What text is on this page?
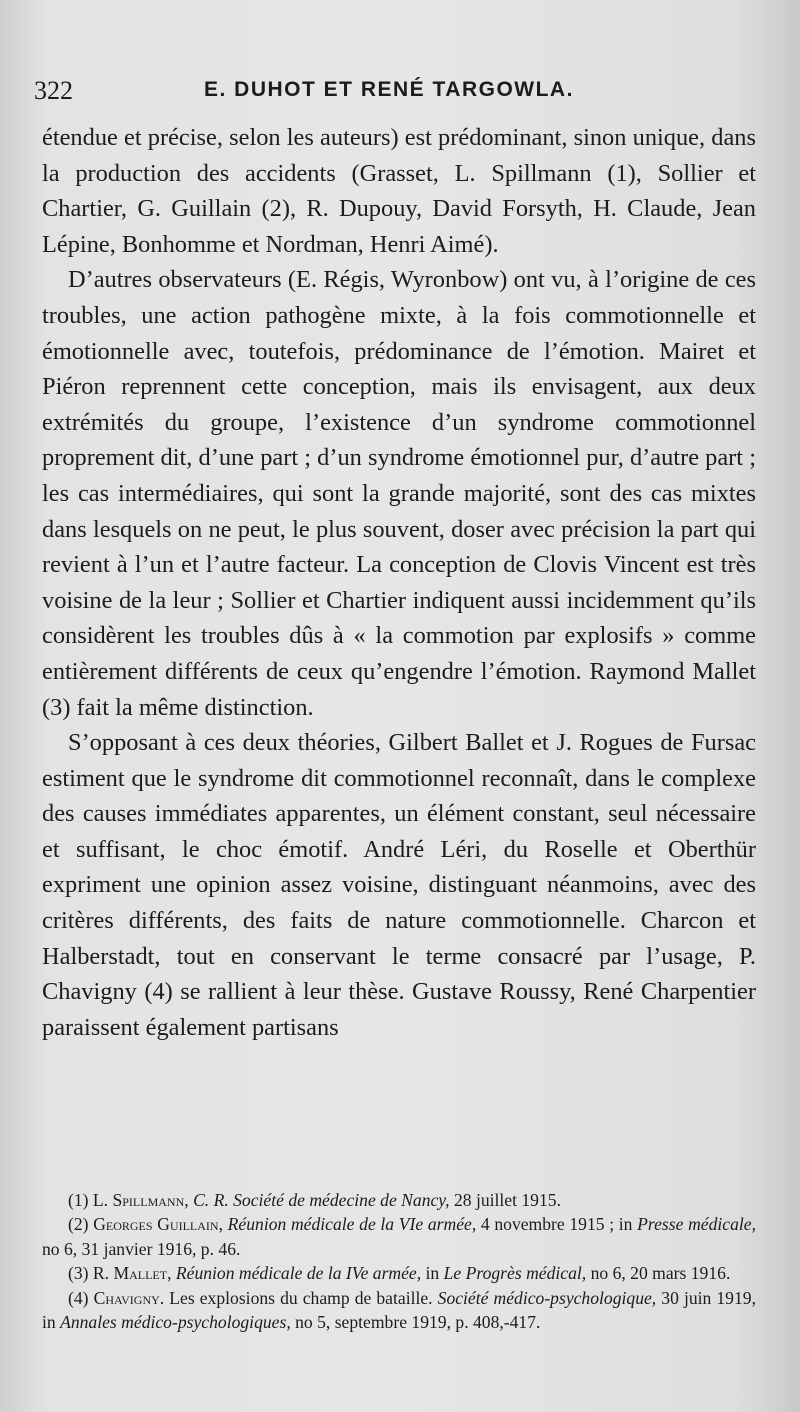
322	E. DUHOT ET RENÉ TARGOWLA.

étendue et précise, selon les auteurs) est prédominant, sinon unique, dans la production des accidents (Grasset, L. Spillmann (1), Sollier et Chartier, G. Guillain (2), R. Dupouy, David Forsyth, H. Claude, Jean Lépine, Bonhomme et Nordman, Henri Aimé).

D’autres observateurs (E. Régis, Wyronbow) ont vu, à l’origine de ces troubles, une action pathogène mixte, à la fois commotionnelle et émotionnelle avec, toutefois, prédominance de l’émotion. Mairet et Piéron reprennent cette conception, mais ils envisagent, aux deux extrémités du groupe, l’existence d’un syndrome commotionnel proprement dit, d’une part ; d’un syndrome émotionnel pur, d’autre part ; les cas intermédiaires, qui sont la grande majorité, sont des cas mixtes dans lesquels on ne peut, le plus souvent, doser avec précision la part qui revient à l’un et l’autre facteur. La conception de Clovis Vincent est très voisine de la leur ; Sollier et Chartier indiquent aussi incidemment qu’ils considèrent les troubles dûs à « la commotion par explosifs » comme entièrement différents de ceux qu’engendre l’émotion. Raymond Mallet (3) fait la même distinction.

S’opposant à ces deux théories, Gilbert Ballet et J. Rogues de Fursac estiment que le syndrome dit commotionnel reconnaît, dans le complexe des causes immédiates apparentes, un élément constant, seul nécessaire et suffisant, le choc émotif. André Léri, du Roselle et Oberthür expriment une opinion assez voisine, distinguant néanmoins, avec des critères différents, des faits de nature commotionnelle. Charcon et Halberstadt, tout en conservant le terme consacré par l’usage, P. Chavigny (4) se rallient à leur thèse. Gustave Roussy, René Charpentier paraissent également partisans

(1) L. Spillmann, C. R. Société de médecine de Nancy, 28 juillet 1915.

(2) Georges Guillain, Réunion médicale de la VIe armée, 4 novembre 1915 ; in Presse médicale, no 6, 31 janvier 1916, p. 46.

(3) R. Mallet, Réunion médicale de la IVe armée, in Le Progrès médical, no 6, 20 mars 1916.

(4) Chavigny. Les explosions du champ de bataille. Société médico-psychologique, 30 juin 1919, in Annales médico-psychologiques, no 5, septembre 1919, p. 408,-417.
